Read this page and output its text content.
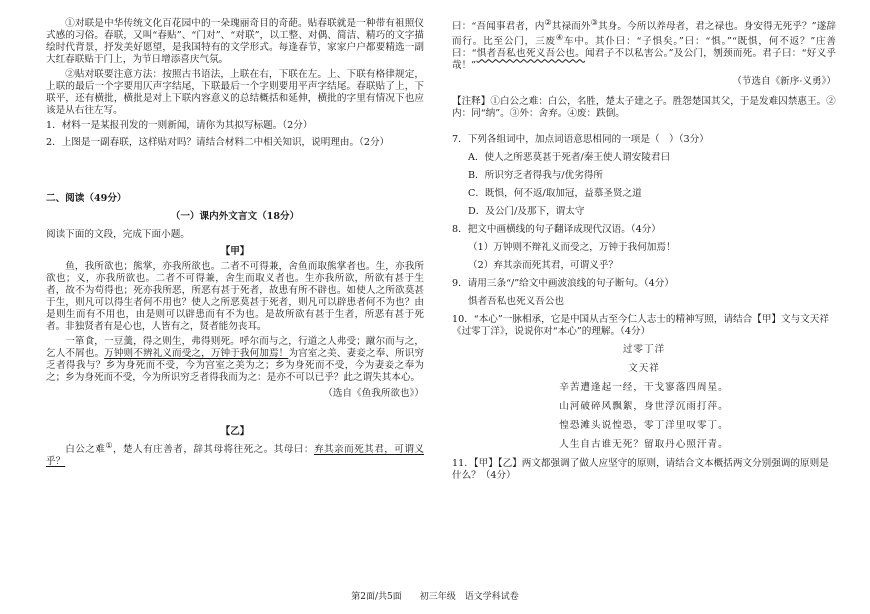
①对联是中华传统文化百花园中的一朵瑰丽奇目的奇葩。贴春联就是一种带有祖照仪式感的习俗。春联，又叫“春贴”、“门对”、“对联”，以工整、对偶、简洁、精巧的文字描绘时代背景，抒发美好愿望，是我国特有的文学形式。每逢春节，家家户户都要精选一副大红春联贴于门上，为节日增添喜庆气氛。

②贴对联要注意方法：按照古书语法，上联在右，下联在左。上、下联有格律规定，上联的最后一个字要用仄声字结尾，下联最后一个字则要用平声字结尾。春联贴了上，下联平，还有横批，横批是对上下联内容意义的总结概括和延伸，横批的字里有情况下也应该是从右往左写。

1．材料一是某报刊发的一则新闻，请你为其拟写标题。（2分）

2．上图是一副春联，这样贴对吗？请结合材料二中相关知识，说明理由。（2分）

二、阅读（49分）

（一）课内外文言文（18分）

阅读下面的文段，完成下面小题。

【甲】

鱼，我所欲也；熊掌，亦我所欲也。二者不可得兼，舍鱼而取熊掌者也。生，亦我所欲也；义，亦我所欲也。二者不可得兼，舍生而取义者也。生亦我所欲，所欲有甚于生者，故不为苟得也；死亦我所恶，所恶有甚于死者，故患有所不辟也。如使人之所欲莫甚于生，则凡可以得生者何不用也？使人之所恶莫甚于死者，则凡可以辟患者何不为也？由是则生而有不用也，由是则可以辟患而有不为也。是故所欲有甚于生者，所恶有甚于死者。非独贤者有是心也，人皆有之，贤者能勿丧耳。

一箪食，一豆羹，得之则生，弗得则死。呼尔而与之，行道之人弗受；蹴尔而与之，乞人不屑也。万钟则不辨礼义而受之，万钟于我何加焉！为宫室之美、妻妾之奉、所识穷乏者得我与？乡为身死而不受，今为宫室之美为之；乡为身死而不受，今为妻妾之奉为之；乡为身死而不受，今为所识穷乏者得我而为之：是亦不可以已乎？此之谓失其本心。

（选自《鱼我所欲也》）

【乙】

白公之难①，楚人有庄善者，辞其母将往死之。其母曰：弃其亲而死其君，可谓义乎？

曰：“吾闻事君者，内②其禄而外③其身。今所以养母者，君之禄也。身安得无死乎？”遂辞而行。比至公门，三废④车中。其仆曰：“子惧矣。”曰：“惧。”“既惧，何不返？”庄善曰：“惧者吾私也死义吾公也。闻君子不以私害公。”及公门，刎颈而死。君子曰：“好义乎哉！”

（节选自《新序·义勇》）

【注释】①白公之难：白公，名胜，楚太子建之子。胜怨楚国其父，于是发难囚禁惠王。②内：同“纳”。③外：舍弃。④废：跌倒。

7．下列各组词中，加点词语意思相同的一项是（　）（3分）

A．使人之所恶莫甚于死者/秦王使人谓安陵君曰

B．所识穷乏者得我与/优劣得所

C．既惧，何不返/取加冠，益慕圣贤之道

D．及公门/及那下，谓太守

8．把文中画横线的句子翻译成现代汉语。（4分）

（1）万钟则不辩礼义而受之，万钟于我何加焉！

（2）弃其亲而死其君，可谓义乎？

9．请用三条“/”给文中画波浪线的句子断句。（4分）

惧者吾私也死义吾公也

10．“本心”一脉相承，它是中国从古至今仁人志士的精神写照，请结合【甲】文与文天祥《过零丁洋》，说说你对“本心”的理解。（4分）

过零丁洋

文天祥

辛苦遭逢起一经，干戈寥落四周星。

山河破碎风飘絮，身世浮沉雨打萍。

惶恐滩头说惶恐，零丁洋里叹零丁。

人生自古谁无死？留取丹心照汗青。

11．【甲】【乙】两文都强调了做人应坚守的原则，请结合文本概括两文分别强调的原则是什么？（4分）

第2面/共5面　　初三年级　语文学科试卷
